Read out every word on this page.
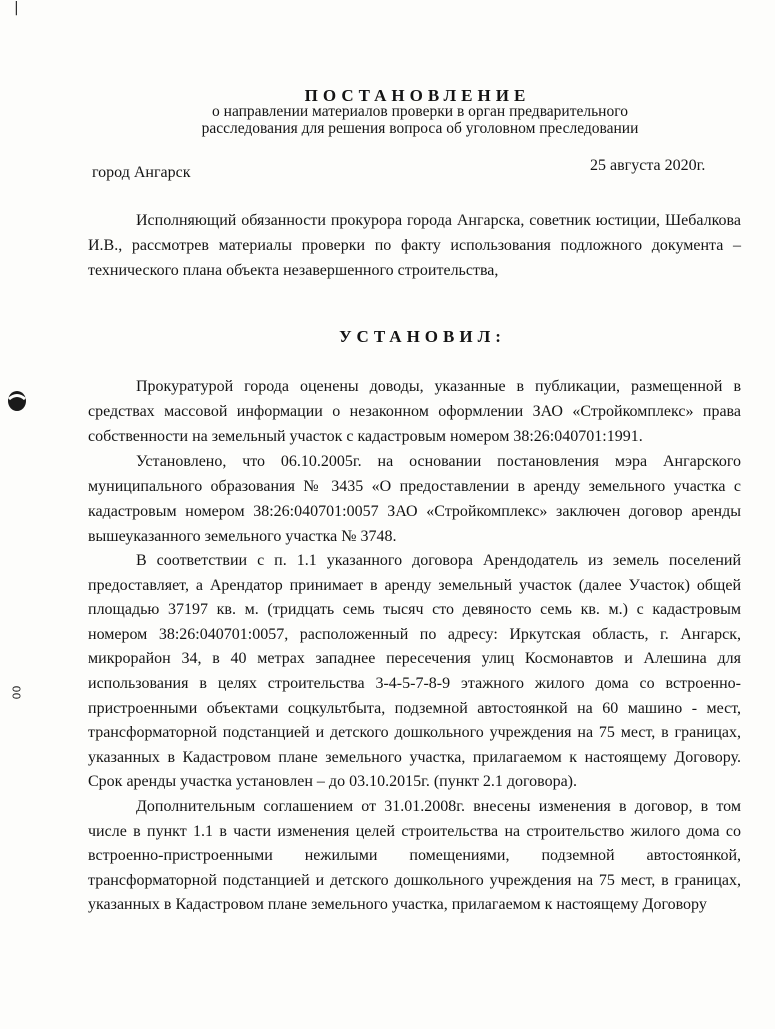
|
00
ПОСТАНОВЛЕНИЕ
о направлении материалов проверки в орган предварительного
расследования для решения вопроса об уголовном преследовании
город Ангарск	25 августа 2020г.

Исполняющий обязанности прокурора города Ангарска, советник юстиции, Шебалкова И.В., рассмотрев материалы проверки по факту использования подложного документа – технического плана объекта незавершенного строительства,

УСТАНОВИЛ:

Прокуратурой города оценены доводы, указанные в публикации, размещенной в средствах массовой информации о незаконном оформлении ЗАО «Стройкомплекс» права собственности на земельный участок с кадастровым номером 38:26:040701:1991.

Установлено, что 06.10.2005г. на основании постановления мэра Ангарского муниципального образования № 3435 «О предоставлении в аренду земельного участка с кадастровым номером 38:26:040701:0057 ЗАО «Стройкомплекс» заключен договор аренды вышеуказанного земельного участка № 3748.

В соответствии с п. 1.1 указанного договора Арендодатель из земель поселений предоставляет, а Арендатор принимает в аренду земельный участок (далее Участок) общей площадью 37197 кв. м. (тридцать семь тысяч сто девяносто семь кв. м.) с кадастровым номером 38:26:040701:0057, расположенный по адресу: Иркутская область, г. Ангарск, микрорайон 34, в 40 метрах западнее пересечения улиц Космонавтов и Алешина для использования в целях строительства 3-4-5-7-8-9 этажного жилого дома со встроенно-пристроенными объектами соцкультбыта, подземной автостоянкой на 60 машино - мест, трансформаторной подстанцией и детского дошкольного учреждения на 75 мест, в границах, указанных в Кадастровом плане земельного участка, прилагаемом к настоящему Договору. Срок аренды участка установлен – до 03.10.2015г. (пункт 2.1 договора).

Дополнительным соглашением от 31.01.2008г. внесены изменения в договор, в том числе в пункт 1.1 в части изменения целей строительства на строительство жилого дома со встроенно-пристроенными нежилыми помещениями, подземной автостоянкой, трансформаторной подстанцией и детского дошкольного учреждения на 75 мест, в границах, указанных в Кадастровом плане земельного участка, прилагаемом к настоящему Договору
